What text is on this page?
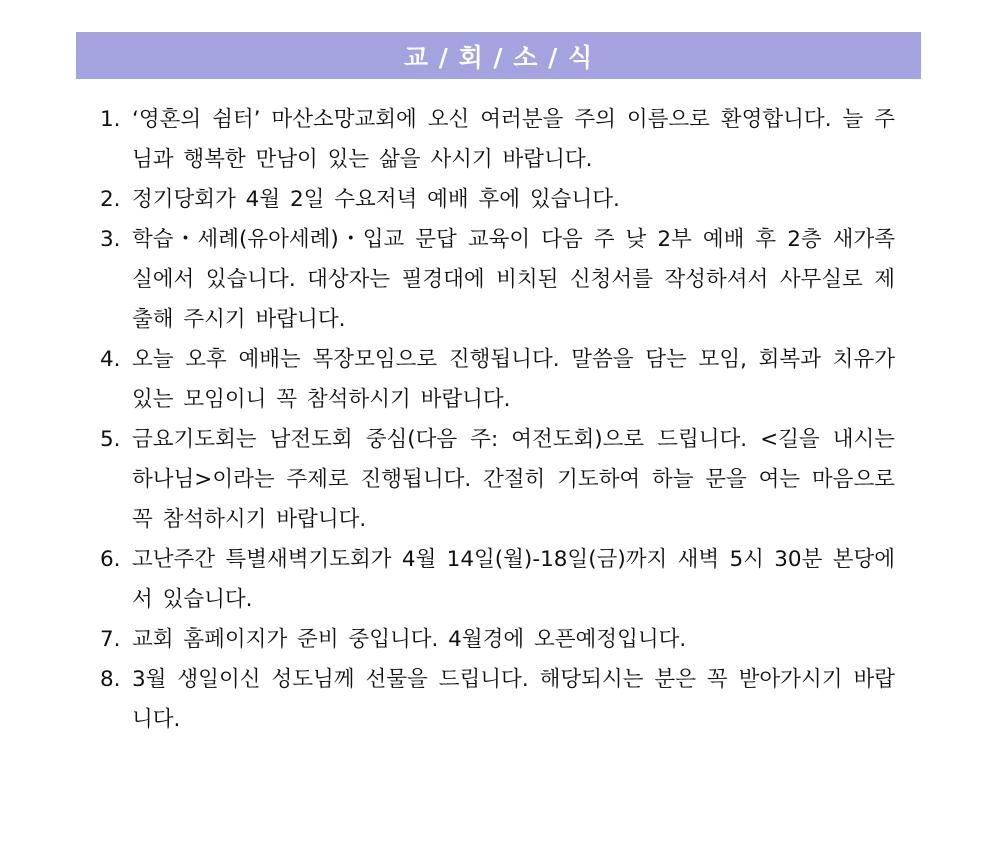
교 / 회 / 소 / 식
1. ‘영혼의 쉼터’ 마산소망교회에 오신 여러분을 주의 이름으로 환영합니다. 늘 주님과 행복한 만남이 있는 삶을 사시기 바랍니다.
2. 정기당회가 4월 2일 수요저녁 예배 후에 있습니다.
3. 학습・세례(유아세례)・입교 문답 교육이 다음 주 낮 2부 예배 후 2층 새가족실에서 있습니다. 대상자는 필경대에 비치된 신청서를 작성하셔서 사무실로 제출해 주시기 바랍니다.
4. 오늘 오후 예배는 목장모임으로 진행됩니다. 말씀을 담는 모임, 회복과 치유가 있는 모임이니 꼭 참석하시기 바랍니다.
5. 금요기도회는 남전도회 중심(다음 주: 여전도회)으로 드립니다. <길을 내시는 하나님>이라는 주제로 진행됩니다. 간절히 기도하여 하늘 문을 여는 마음으로 꼭 참석하시기 바랍니다.
6. 고난주간 특별새벽기도회가 4월 14일(월)-18일(금)까지 새벽 5시 30분 본당에서 있습니다.
7. 교회 홈페이지가 준비 중입니다. 4월경에 오픈예정입니다.
8. 3월 생일이신 성도님께 선물을 드립니다. 해당되시는 분은 꼭 받아가시기 바랍니다.
